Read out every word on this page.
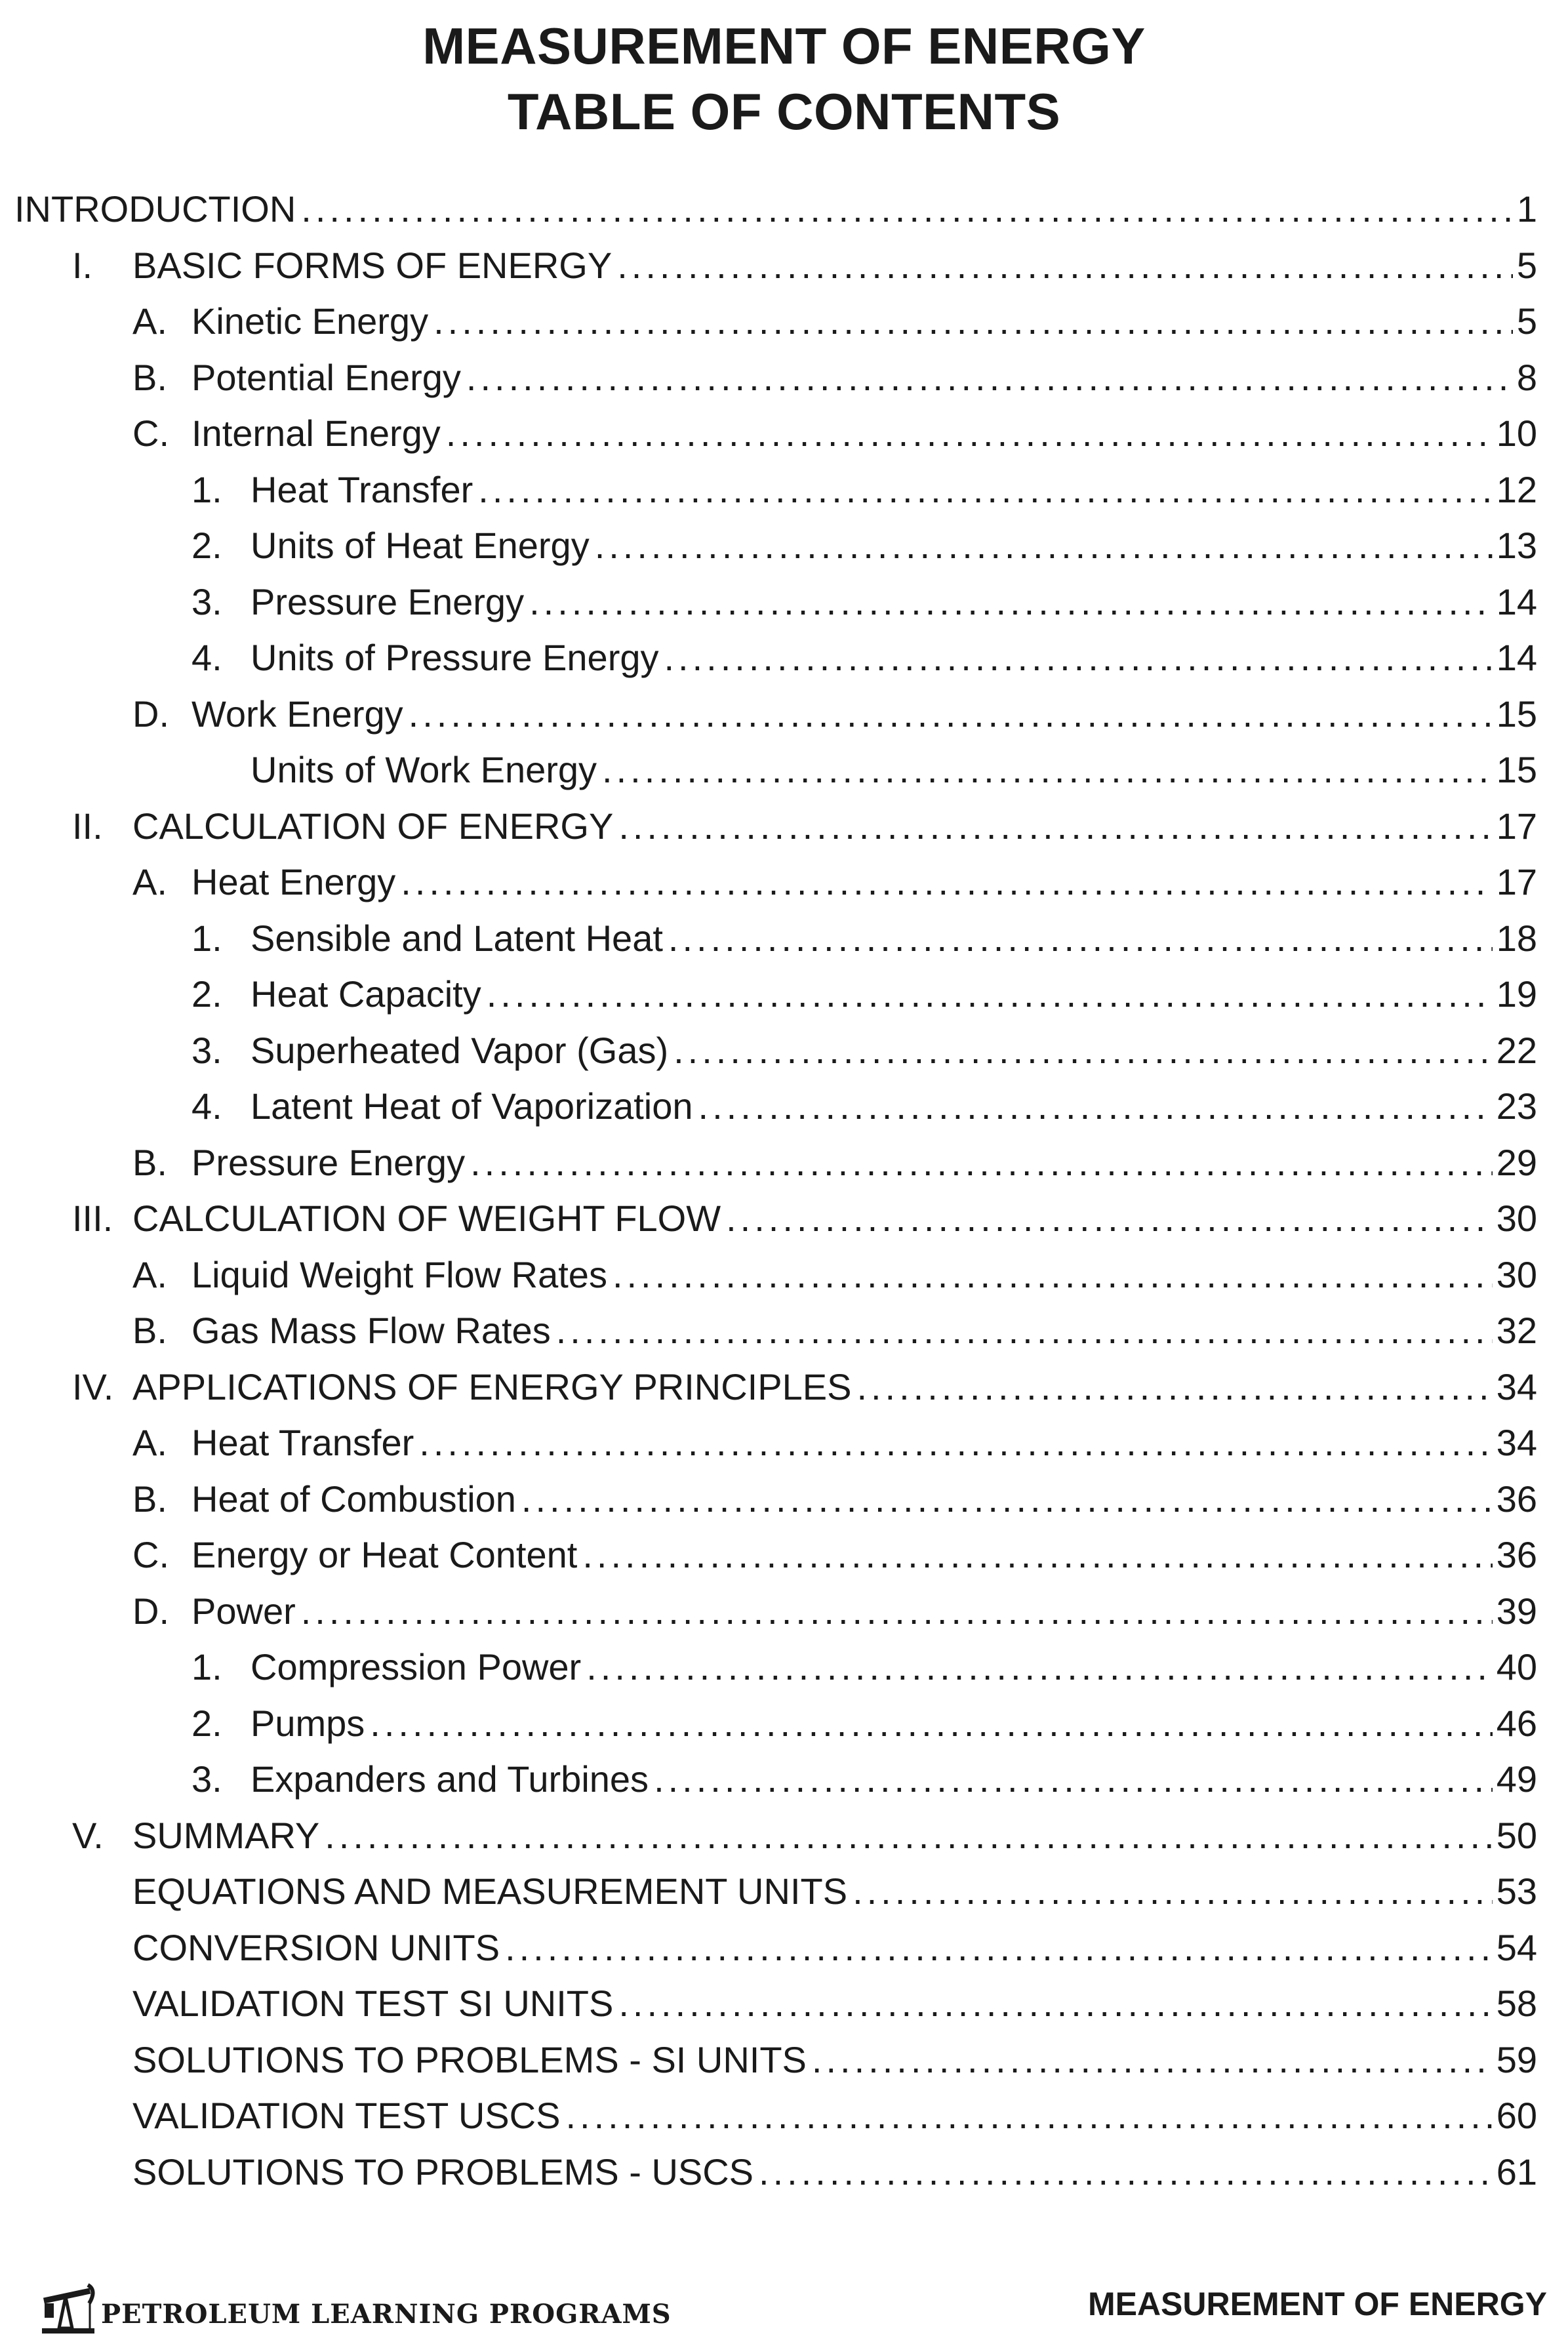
MEASUREMENT OF ENERGY
TABLE OF CONTENTS
INTRODUCTION .....	1
I.	BASIC FORMS OF ENERGY .....	5
A. Kinetic Energy .....	5
B. Potential Energy .....	8
C. Internal Energy .....	10
1. Heat Transfer .....	12
2. Units of Heat Energy .....	13
3. Pressure Energy .....	14
4. Units of Pressure Energy .....	14
D. Work Energy .....	15
Units of Work Energy .....	15
II. CALCULATION OF ENERGY .....	17
A. Heat Energy .....	17
1. Sensible and Latent Heat .....	18
2. Heat Capacity .....	19
3. Superheated Vapor (Gas) .....	22
4. Latent Heat of Vaporization .....	23
B. Pressure Energy .....	29
III. CALCULATION OF WEIGHT FLOW .....	30
A. Liquid Weight Flow Rates .....	30
B. Gas Mass Flow Rates .....	32
IV. APPLICATIONS OF ENERGY PRINCIPLES .....	34
A. Heat Transfer .....	34
B. Heat of Combustion .....	36
C. Energy or Heat Content .....	36
D. Power .....	39
1. Compression Power .....	40
2. Pumps .....	46
3. Expanders and Turbines .....	49
V. SUMMARY .....	50
EQUATIONS AND MEASUREMENT UNITS .....	53
CONVERSION UNITS .....	54
VALIDATION TEST SI UNITS .....	58
SOLUTIONS TO PROBLEMS - SI UNITS .....	59
VALIDATION TEST USCS .....	60
SOLUTIONS TO PROBLEMS - USCS .....	61
PETROLEUM LEARNING PROGRAMS	MEASUREMENT OF ENERGY
